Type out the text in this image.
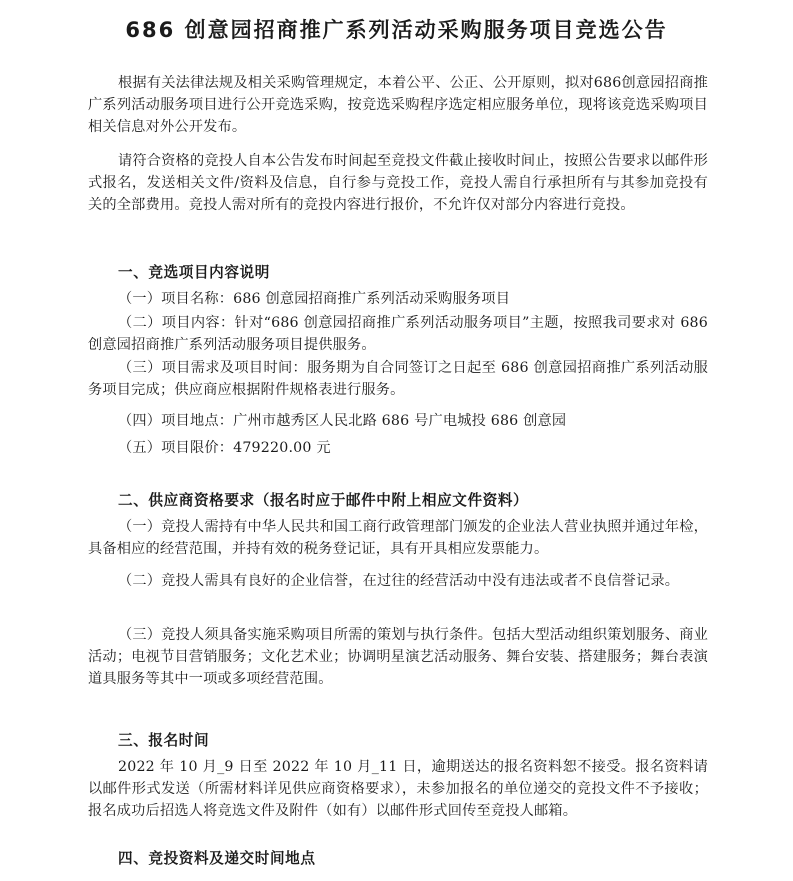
686 创意园招商推广系列活动采购服务项目竞选公告
根据有关法律法规及相关采购管理规定，本着公平、公正、公开原则，拟对686创意园招商推广系列活动服务项目进行公开竞选采购，按竞选采购程序选定相应服务单位，现将该竞选采购项目相关信息对外公开发布。
请符合资格的竞投人自本公告发布时间起至竞投文件截止接收时间止，按照公告要求以邮件形式报名，发送相关文件/资料及信息，自行参与竞投工作，竞投人需自行承担所有与其参加竞投有关的全部费用。竞投人需对所有的竞投内容进行报价，不允许仅对部分内容进行竞投。
一、竞选项目内容说明
（一）项目名称：686 创意园招商推广系列活动采购服务项目
（二）项目内容：针对“686 创意园招商推广系列活动服务项目”主题，按照我司要求对 686 创意园招商推广系列活动服务项目提供服务。
（三）项目需求及项目时间：服务期为自合同签订之日起至 686 创意园招商推广系列活动服务项目完成；供应商应根据附件规格表进行服务。
（四）项目地点：广州市越秀区人民北路 686 号广电城投 686 创意园
（五）项目限价：479220.00 元
二、供应商资格要求（报名时应于邮件中附上相应文件资料）
（一）竞投人需持有中华人民共和国工商行政管理部门颁发的企业法人营业执照并通过年检，具备相应的经营范围，并持有效的税务登记证，具有开具相应发票能力。
（二）竞投人需具有良好的企业信誉，在过往的经营活动中没有违法或者不良信誉记录。
（三）竞投人须具备实施采购项目所需的策划与执行条件。包括大型活动组织策划服务、商业活动；电视节目营销服务；文化艺术业；协调明星演艺活动服务、舞台安装、搭建服务；舞台表演道具服务等其中一项或多项经营范围。
三、报名时间
2022 年 10 月_9 日至 2022 年 10 月_11 日，逾期送达的报名资料恕不接受。报名资料请以邮件形式发送（所需材料详见供应商资格要求），未参加报名的单位递交的竞投文件不予接收；报名成功后招选人将竞选文件及附件（如有）以邮件形式回传至竞投人邮箱。
四、竞投资料及递交时间地点
